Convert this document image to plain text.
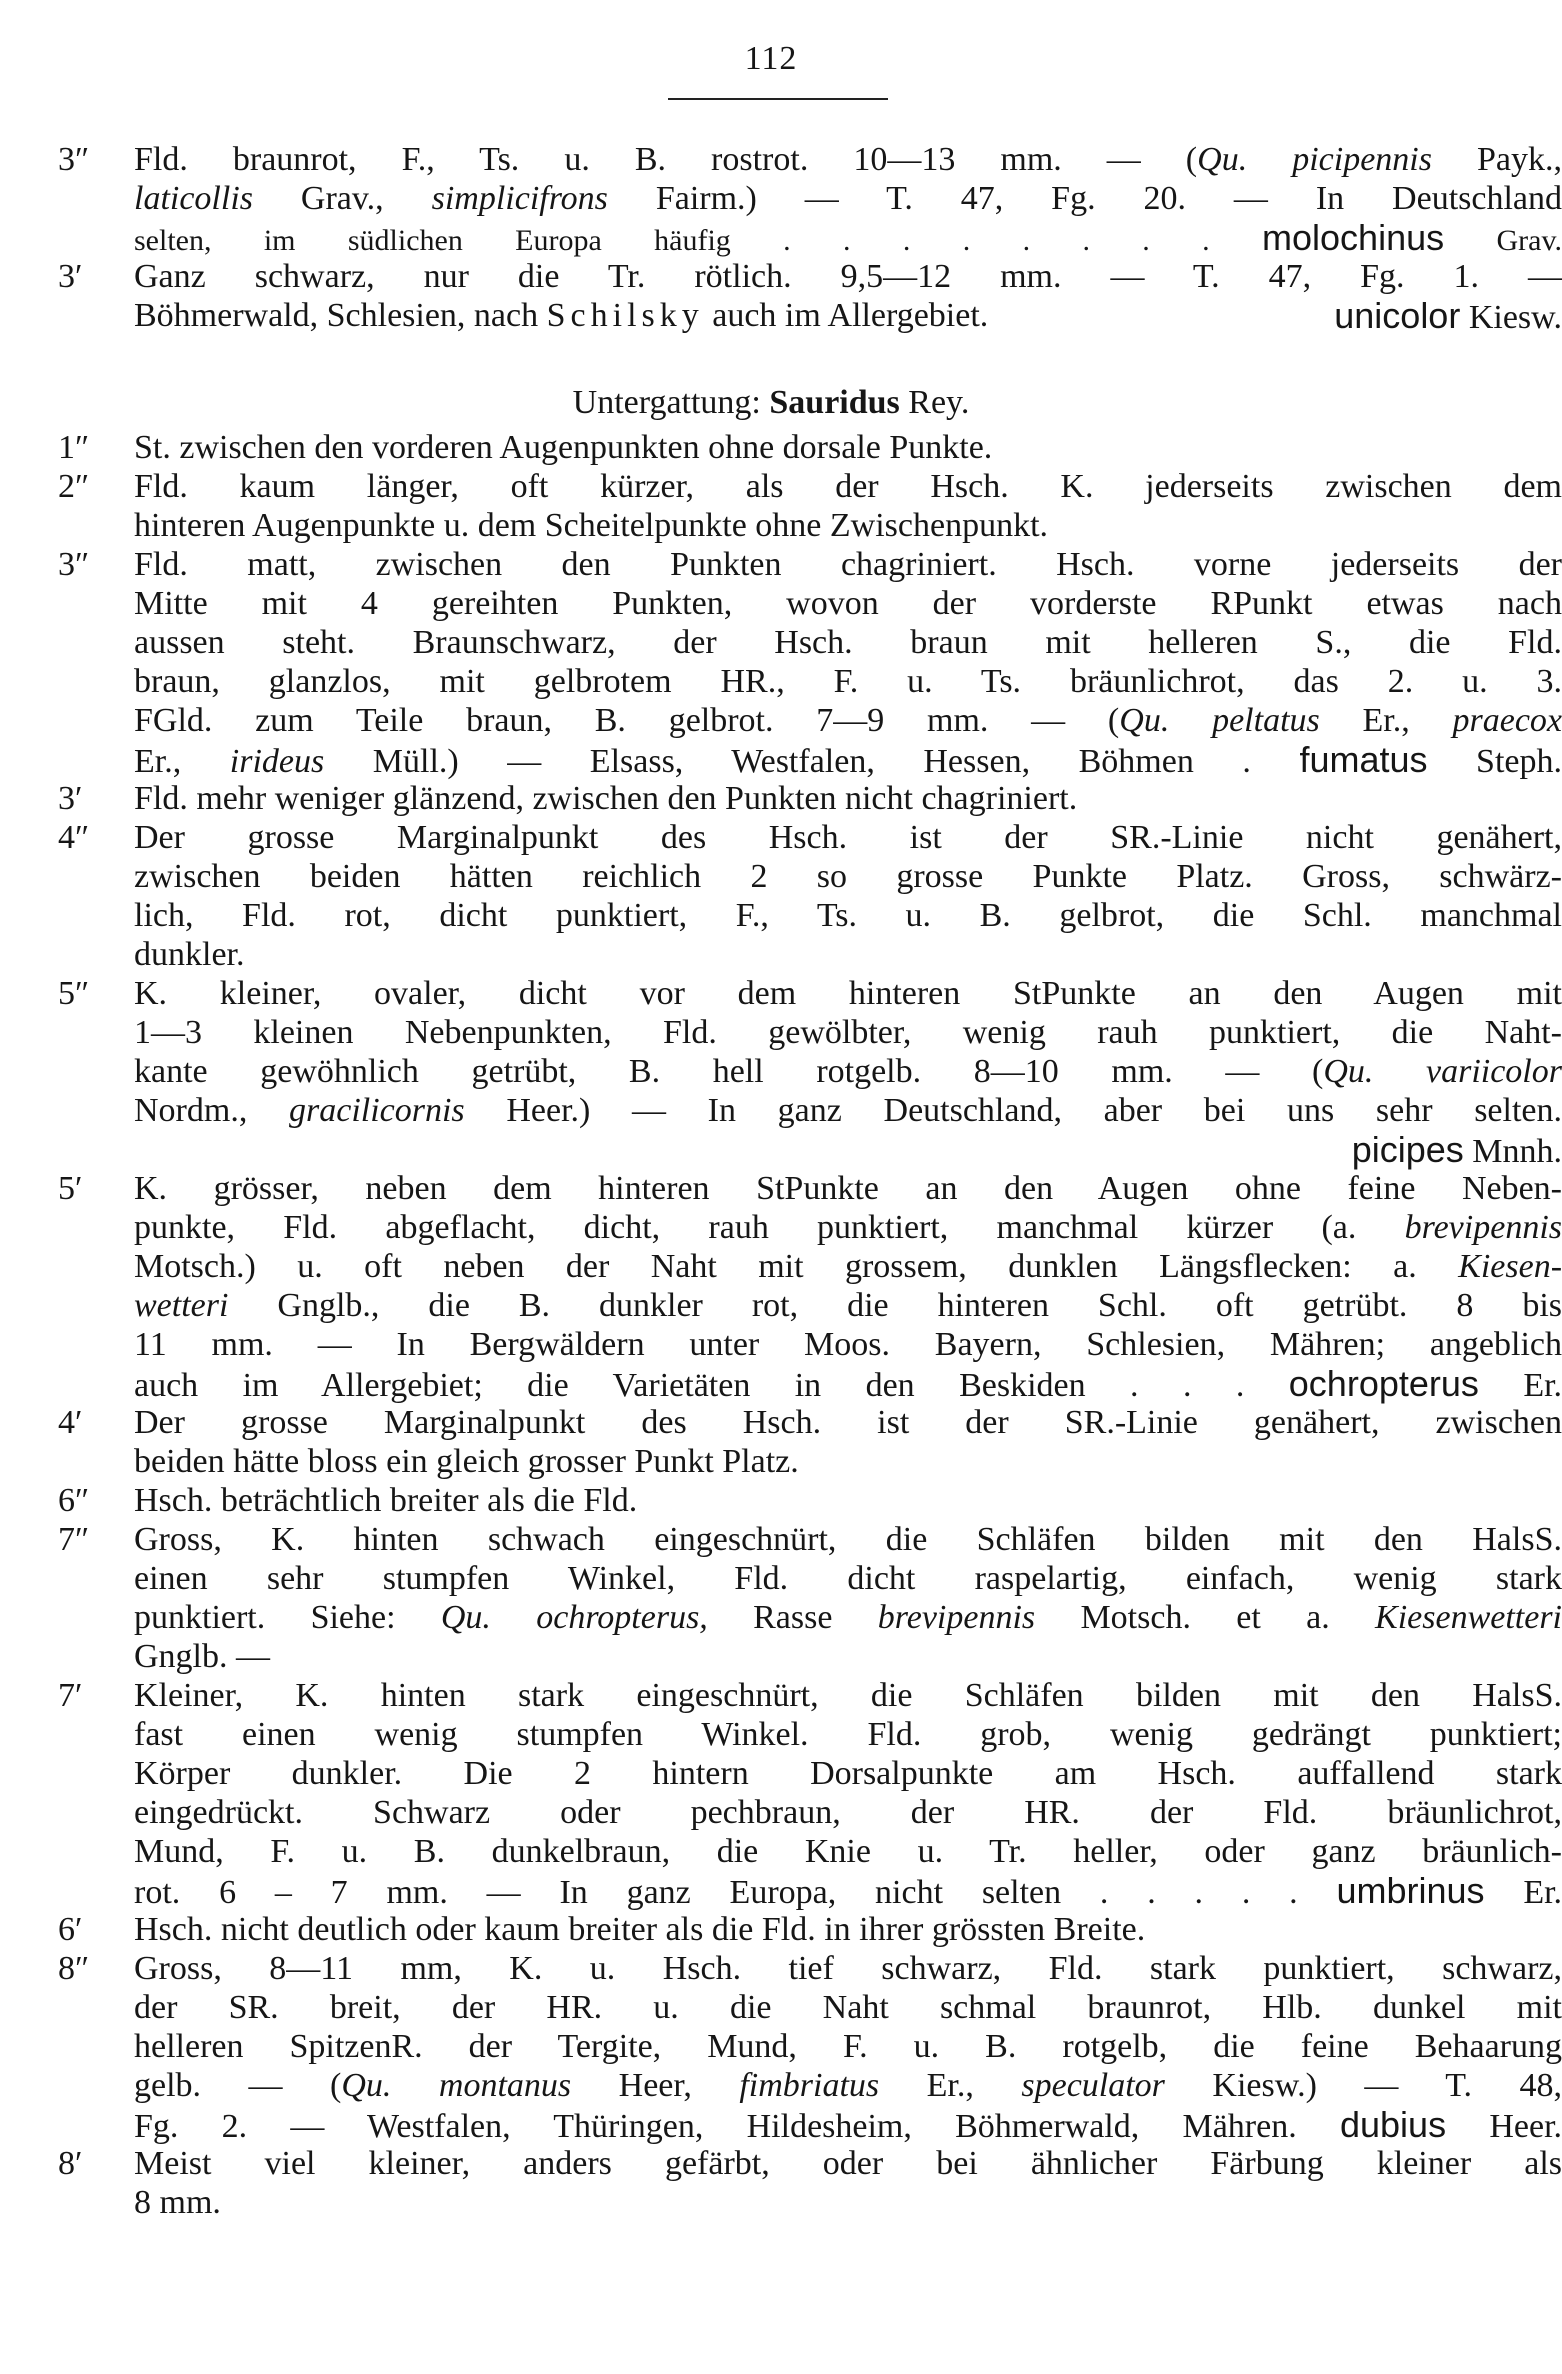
112
3″	Fld. braunrot, F., Ts. u. B. rostrot. 10—13 mm. — (Qu. picipennis Payk.,
laticollis Grav., simplicifrons Fairm.) — T. 47, Fg. 20. — In Deutschland
selten, im südlichen Europa häufig . . . . . . . . molochinus Grav.
3′	Ganz schwarz, nur die Tr. rötlich. 9,5—12 mm. — T. 47, Fg. 1. —
Böhmerwald, Schlesien, nach Schilsky auch im Allergebiet.	unicolor Kiesw.
Untergattung: Sauridus Rey.
1″	St. zwischen den vorderen Augenpunkten ohne dorsale Punkte.
2″	Fld. kaum länger, oft kürzer, als der Hsch. K. jederseits zwischen dem
hinteren Augenpunkte u. dem Scheitelpunkte ohne Zwischenpunkt.
3″	Fld. matt, zwischen den Punkten chagriniert. Hsch. vorne jederseits der
Mitte mit 4 gereihten Punkten, wovon der vorderste RPunkt etwas nach
aussen steht. Braunschwarz, der Hsch. braun mit helleren S., die Fld.
braun, glanzlos, mit gelbrotem HR., F. u. Ts. bräunlichrot, das 2. u. 3.
FGld. zum Teile braun, B. gelbrot. 7—9 mm. — (Qu. peltatus Er., praecox
Er., irideus Müll.) — Elsass, Westfalen, Hessen, Böhmen . fumatus Steph.
3′	Fld. mehr weniger glänzend, zwischen den Punkten nicht chagriniert.
4″	Der grosse Marginalpunkt des Hsch. ist der SR.-Linie nicht genähert,
zwischen beiden hätten reichlich 2 so grosse Punkte Platz. Gross, schwärz-
lich, Fld. rot, dicht punktiert, F., Ts. u. B. gelbrot, die Schl. manchmal
dunkler.
5″	K. kleiner, ovaler, dicht vor dem hinteren StPunkte an den Augen mit
1—3 kleinen Nebenpunkten, Fld. gewölbter, wenig rauh punktiert, die Naht-
kante gewöhnlich getrübt, B. hell rotgelb. 8—10 mm. — (Qu. variicolor
Nordm., gracilicornis Heer.) — In ganz Deutschland, aber bei uns sehr selten.
picipes Mnnh.
5′	K. grösser, neben dem hinteren StPunkte an den Augen ohne feine Neben-
punkte, Fld. abgeflacht, dicht, rauh punktiert, manchmal kürzer (a. brevipennis
Motsch.) u. oft neben der Naht mit grossem, dunklen Längsflecken: a. Kiesen-
wetteri Gnglb., die B. dunkler rot, die hinteren Schl. oft getrübt. 8 bis
11 mm. — In Bergwäldern unter Moos. Bayern, Schlesien, Mähren; angeblich
auch im Allergebiet; die Varietäten in den Beskiden . . . ochropterus Er.
4′	Der grosse Marginalpunkt des Hsch. ist der SR.-Linie genähert, zwischen
beiden hätte bloss ein gleich grosser Punkt Platz.
6″	Hsch. beträchtlich breiter als die Fld.
7″	Gross, K. hinten schwach eingeschnürt, die Schläfen bilden mit den HalsS.
einen sehr stumpfen Winkel, Fld. dicht raspelartig, einfach, wenig stark
punktiert. Siehe: Qu. ochropterus, Rasse brevipennis Motsch. et a. Kiesenwetteri
Gnglb. —
7′	Kleiner, K. hinten stark eingeschnürt, die Schläfen bilden mit den HalsS.
fast einen wenig stumpfen Winkel. Fld. grob, wenig gedrängt punktiert;
Körper dunkler. Die 2 hintern Dorsalpunkte am Hsch. auffallend stark
eingedrückt. Schwarz oder pechbraun, der HR. der Fld. bräunlichrot,
Mund, F. u. B. dunkelbraun, die Knie u. Tr. heller, oder ganz bräunlich-
rot. 6 – 7 mm. — In ganz Europa, nicht selten . . . . . umbrinus Er.
6′	Hsch. nicht deutlich oder kaum breiter als die Fld. in ihrer grössten Breite.
8″	Gross, 8—11 mm, K. u. Hsch. tief schwarz, Fld. stark punktiert, schwarz,
der SR. breit, der HR. u. die Naht schmal braunrot, Hlb. dunkel mit
helleren SpitzenR. der Tergite, Mund, F. u. B. rotgelb, die feine Behaarung
gelb. — (Qu. montanus Heer, fimbriatus Er., speculator Kiesw.) — T. 48,
Fg. 2. — Westfalen, Thüringen, Hildesheim, Böhmerwald, Mähren. dubius Heer.
8′	Meist viel kleiner, anders gefärbt, oder bei ähnlicher Färbung kleiner als
8 mm.
